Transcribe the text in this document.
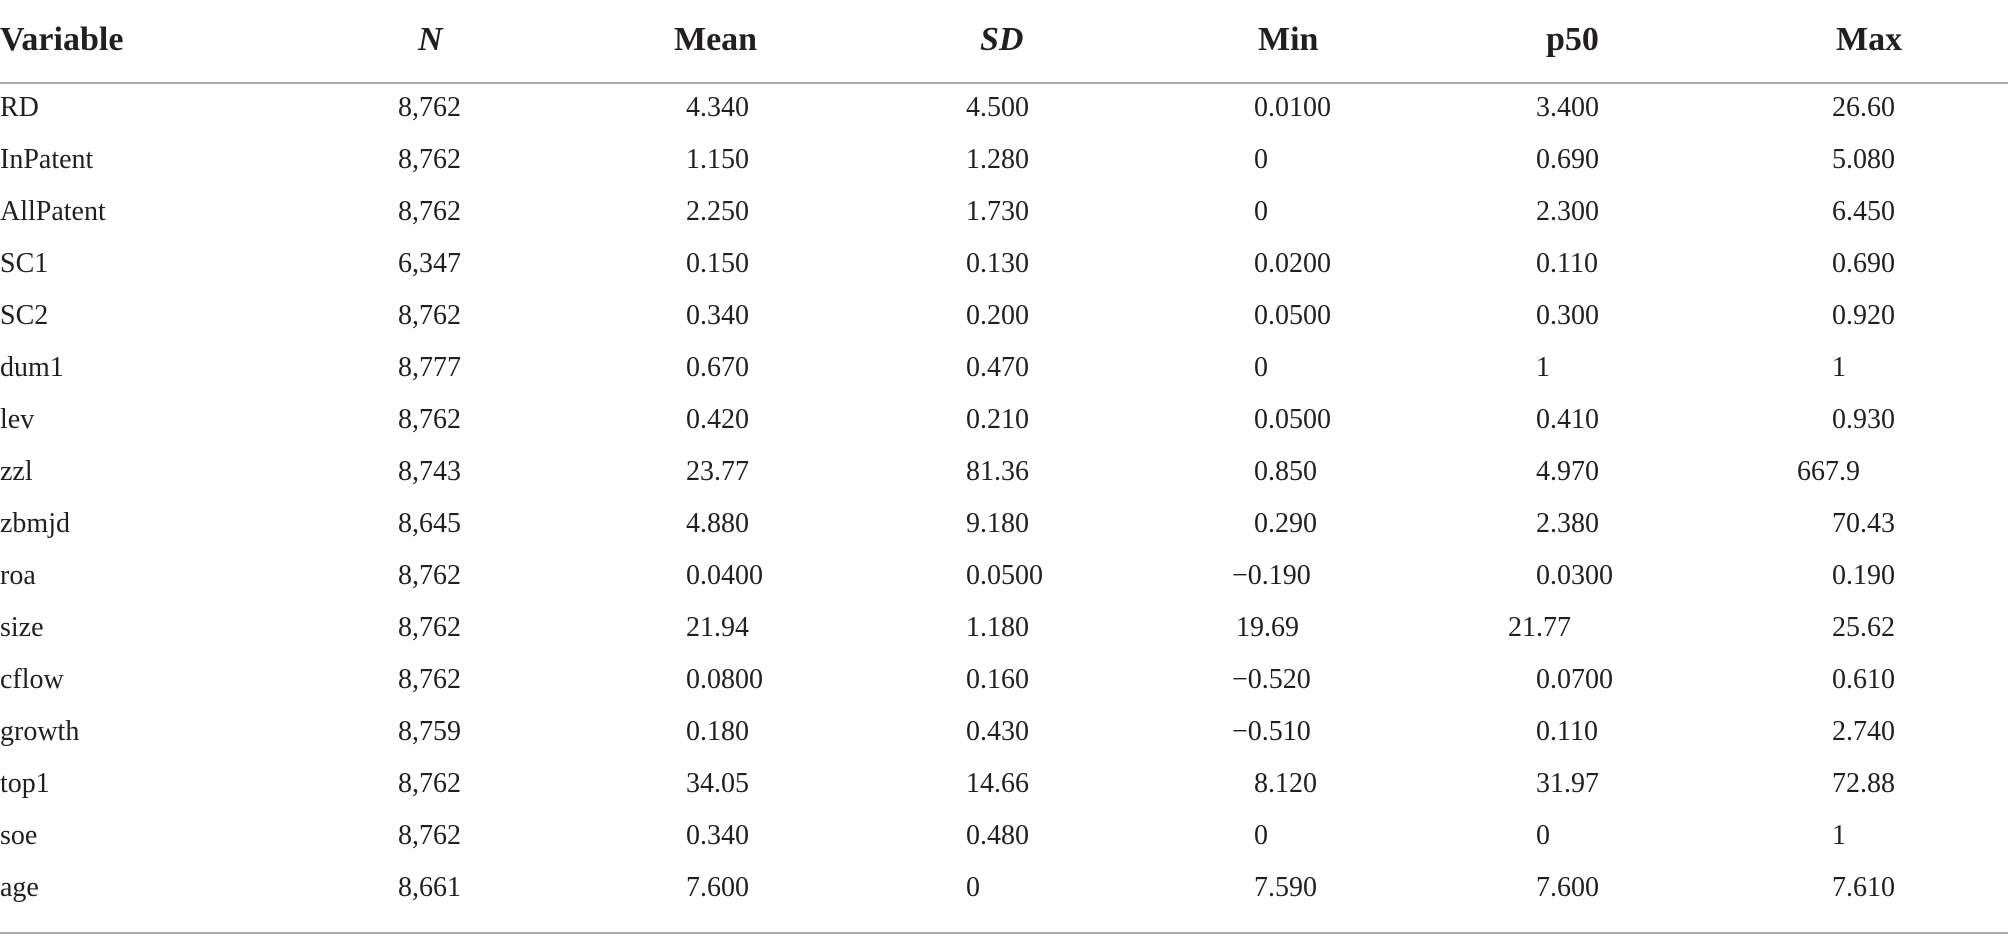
Variable	N	Mean	SD	Min	p50	Max
RD	8,762	4.340	4.500	0.0100	3.400	26.60
InPatent	8,762	1.150	1.280	0	0.690	5.080
AllPatent	8,762	2.250	1.730	0	2.300	6.450
SC1	6,347	0.150	0.130	0.0200	0.110	0.690
SC2	8,762	0.340	0.200	0.0500	0.300	0.920
dum1	8,777	0.670	0.470	0	1	1
lev	8,762	0.420	0.210	0.0500	0.410	0.930
zzl	8,743	23.77	81.36	0.850	4.970	667.9
zbmjd	8,645	4.880	9.180	0.290	2.380	70.43
roa	8,762	0.0400	0.0500	−0.190	0.0300	0.190
size	8,762	21.94	1.180	19.69	21.77	25.62
cflow	8,762	0.0800	0.160	−0.520	0.0700	0.610
growth	8,759	0.180	0.430	−0.510	0.110	2.740
top1	8,762	34.05	14.66	8.120	31.97	72.88
soe	8,762	0.340	0.480	0	0	1
age	8,661	7.600	0	7.590	7.600	7.610
